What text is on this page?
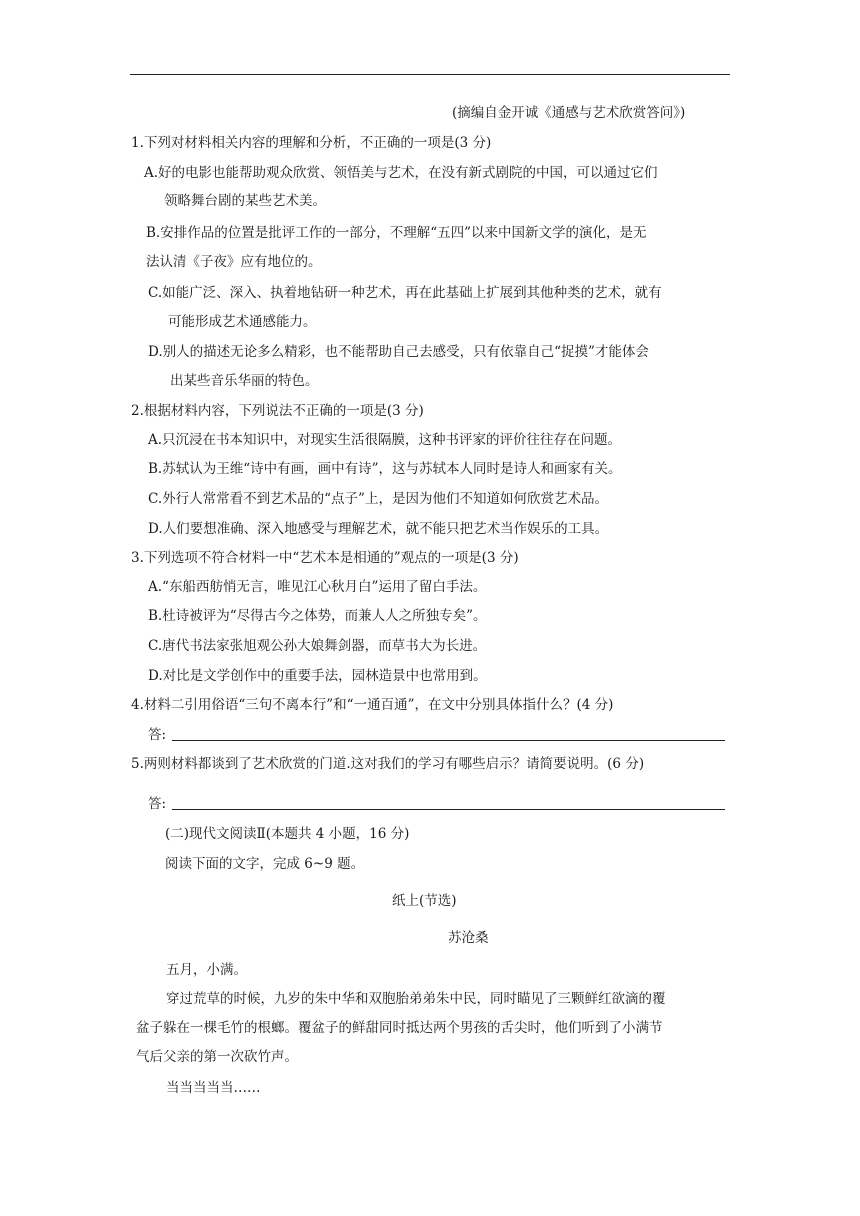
(摘编自金开诚《通感与艺术欣赏答问》)
1.下列对材料相关内容的理解和分析，不正确的一项是(3 分)
A.好的电影也能帮助观众欣赏、领悟美与艺术，在没有新式剧院的中国，可以通过它们
领略舞台剧的某些艺术美。
B.安排作品的位置是批评工作的一部分，不理解“五四”以来中国新文学的演化，是无
法认清《子夜》应有地位的。
C.如能广泛、深入、执着地钻研一种艺术，再在此基础上扩展到其他种类的艺术，就有
可能形成艺术通感能力。
D.别人的描述无论多么精彩，也不能帮助自己去感受，只有依靠自己“捉摸”才能体会
出某些音乐华丽的特色。
2.根据材料内容，下列说法不正确的一项是(3 分)
A.只沉浸在书本知识中，对现实生活很隔膜，这种书评家的评价往往存在问题。
B.苏轼认为王维“诗中有画，画中有诗”，这与苏轼本人同时是诗人和画家有关。
C.外行人常常看不到艺术品的“点子”上，是因为他们不知道如何欣赏艺术品。
D.人们要想准确、深入地感受与理解艺术，就不能只把艺术当作娱乐的工具。
3.下列选项不符合材料一中“艺术本是相通的”观点的一项是(3 分)
A.“东船西舫悄无言，唯见江心秋月白”运用了留白手法。
B.杜诗被评为“尽得古今之体势，而兼人人之所独专矣”。
C.唐代书法家张旭观公孙大娘舞剑器，而草书大为长进。
D.对比是文学创作中的重要手法，园林造景中也常用到。
4.材料二引用俗语“三句不离本行”和“一通百通”，在文中分别具体指什么？(4 分)
答:
5.两则材料都谈到了艺术欣赏的门道.这对我们的学习有哪些启示？请简要说明。(6 分)
答:
(二)现代文阅读Ⅱ(本题共 4 小题，16 分)
阅读下面的文字，完成 6~9 题。
纸上(节选)
苏沧桑
五月，小满。
穿过荒草的时候，九岁的朱中华和双胞胎弟弟朱中民，同时瞄见了三颗鲜红欲滴的覆
盆子躲在一棵毛竹的根螂。覆盆子的鲜甜同时抵达两个男孩的舌尖时，他们听到了小满节
气后父亲的第一次砍竹声。
当当当当当……
